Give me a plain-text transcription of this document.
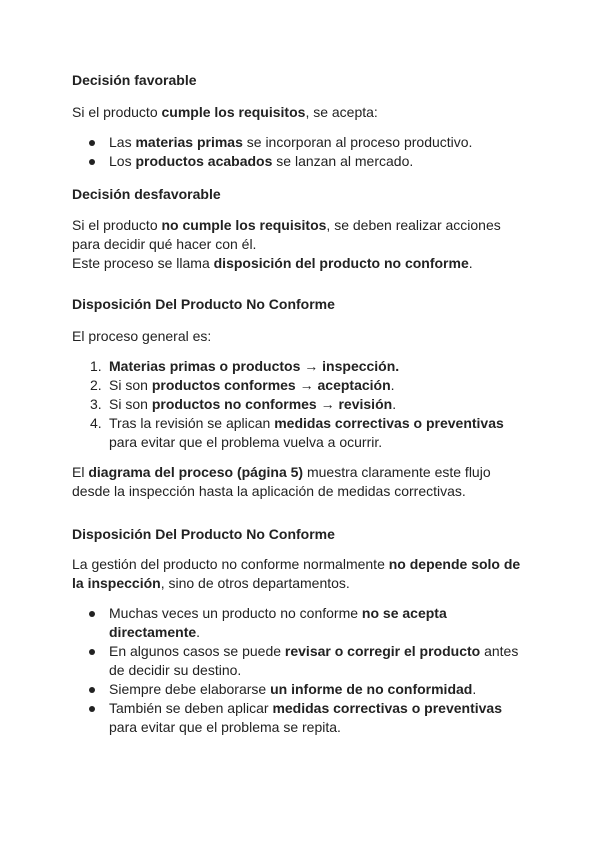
Decisión favorable

Si el producto cumple los requisitos, se acepta:

Las materias primas se incorporan al proceso productivo.
Los productos acabados se lanzan al mercado.
Decisión desfavorable

Si el producto no cumple los requisitos, se deben realizar acciones para decidir qué hacer con él.

Este proceso se llama disposición del producto no conforme.

Disposición Del Producto No Conforme

El proceso general es:

1. Materias primas o productos → inspección.
2. Si son productos conformes → aceptación.
3. Si son productos no conformes → revisión.
4. Tras la revisión se aplican medidas correctivas o preventivas para evitar que el problema vuelva a ocurrir.

El diagrama del proceso (página 5) muestra claramente este flujo desde la inspección hasta la aplicación de medidas correctivas.

Disposición Del Producto No Conforme

La gestión del producto no conforme normalmente no depende solo de la inspección, sino de otros departamentos.

Muchas veces un producto no conforme no se acepta directamente.
En algunos casos se puede revisar o corregir el producto antes de decidir su destino.
Siempre debe elaborarse un informe de no conformidad.
También se deben aplicar medidas correctivas o preventivas para evitar que el problema se repita.
